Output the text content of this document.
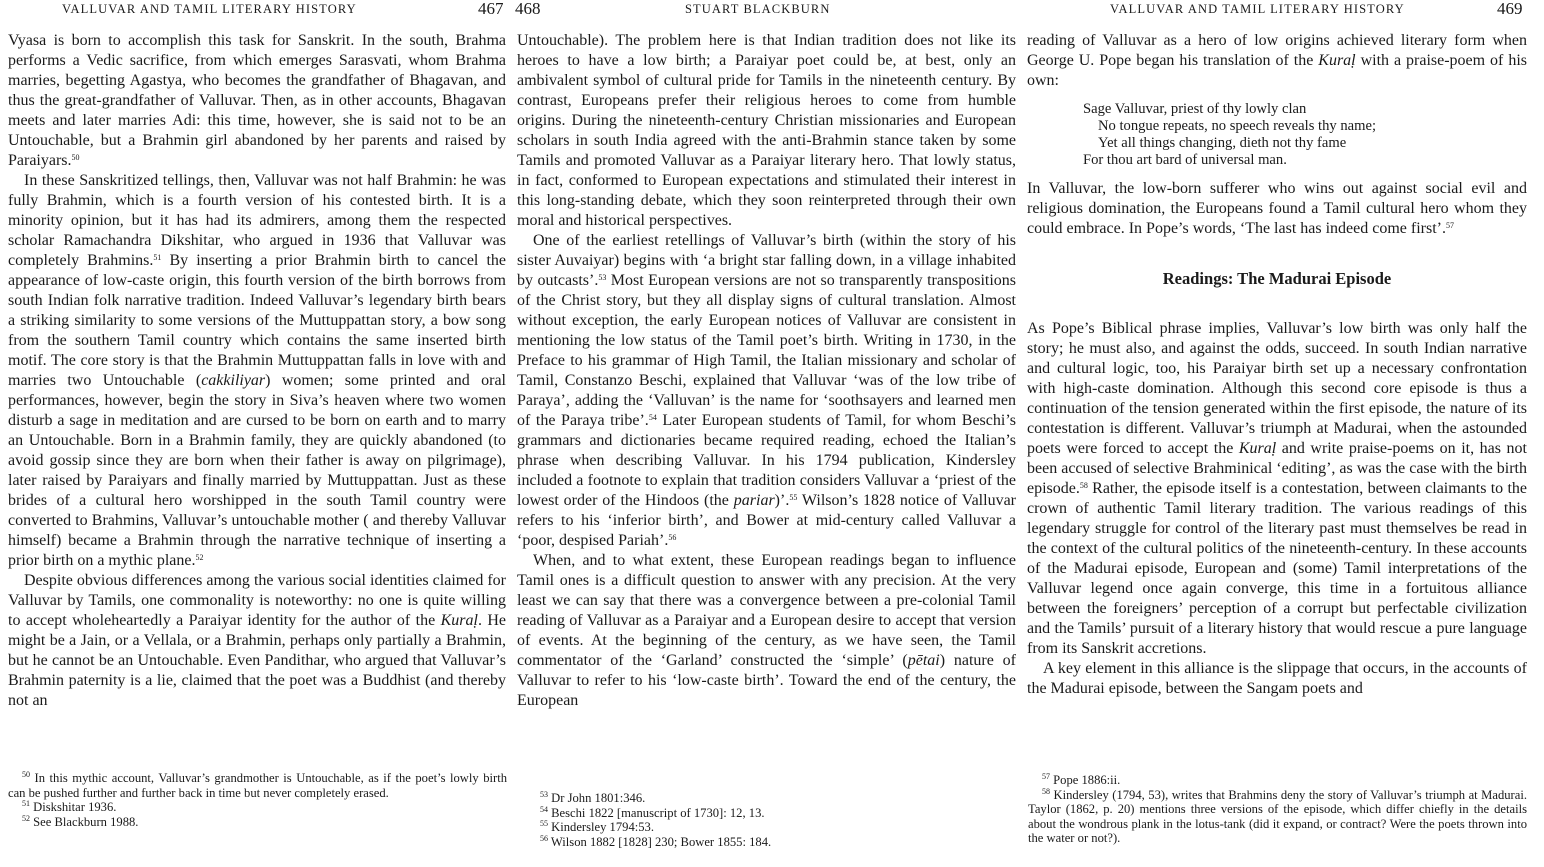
VALLUVAR AND TAMIL LITERARY HISTORY	467

Vyasa is born to accomplish this task for Sanskrit. In the south, Brahma performs a Vedic sacrifice, from which emerges Sarasvati, whom Brahma marries, begetting Agastya, who becomes the grandfather of Bhagavan, and thus the great-grandfather of Valluvar. Then, as in other accounts, Bhagavan meets and later marries Adi: this time, however, she is said not to be an Untouchable, but a Brahmin girl abandoned by her parents and raised by Paraiyars.$^{50}$

In these Sanskritized tellings, then, Valluvar was not half Brahmin: he was fully Brahmin, which is a fourth version of his contested birth. It is a minority opinion, but it has had its admirers, among them the respected scholar Ramachandra Dikshitar, who argued in 1936 that Valluvar was completely Brahmins.$^{51}$ By inserting a prior Brahmin birth to cancel the appearance of low-caste origin, this fourth version of the birth borrows from south Indian folk narrative tradition. Indeed Valluvar’s legendary birth bears a striking similarity to some versions of the Muttuppattan story, a bow song from the southern Tamil country which contains the same inserted birth motif. The core story is that the Brahmin Muttuppattan falls in love with and marries two Untouchable (cakkiliyar) women; some printed and oral performances, however, begin the story in Siva’s heaven where two women disturb a sage in meditation and are cursed to be born on earth and to marry an Untouchable. Born in a Brahmin family, they are quickly abandoned (to avoid gossip since they are born when their father is away on pilgrimage), later raised by Paraiyars and finally married by Muttuppattan. Just as these brides of a cultural hero worshipped in the south Tamil country were converted to Brahmins, Valluvar’s untouchable mother ( and thereby Valluvar himself) became a Brahmin through the narrative technique of inserting a prior birth on a mythic plane.$^{52}$

Despite obvious differences among the various social identities claimed for Valluvar by Tamils, one commonality is noteworthy: no one is quite willing to accept wholeheartedly a Paraiyar identity for the author of the Kuraḷ. He might be a Jain, or a Vellala, or a Brahmin, perhaps only partially a Brahmin, but he cannot be an Untouchable. Even Pandithar, who argued that Valluvar’s Brahmin paternity is a lie, claimed that the poet was a Buddhist (and thereby not an

$^{50}$ In this mythic account, Valluvar’s grandmother is Untouchable, as if the poet’s lowly birth can be pushed further and further back in time but never completely erased.

$^{51}$ Diskshitar 1936.

$^{52}$ See Blackburn 1988.

468	STUART BLACKBURN

Untouchable). The problem here is that Indian tradition does not like its heroes to have a low birth; a Paraiyar poet could be, at best, only an ambivalent symbol of cultural pride for Tamils in the nineteenth century. By contrast, Europeans prefer their religious heroes to come from humble origins. During the nineteenth-century Christian missionaries and European scholars in south India agreed with the anti-Brahmin stance taken by some Tamils and promoted Valluvar as a Paraiyar literary hero. That lowly status, in fact, conformed to European expectations and stimulated their interest in this long-standing debate, which they soon reinterpreted through their own moral and historical perspectives.

One of the earliest retellings of Valluvar’s birth (within the story of his sister Auvaiyar) begins with ‘a bright star falling down, in a village inhabited by outcasts’.$^{53}$ Most European versions are not so transparently transpositions of the Christ story, but they all display signs of cultural translation. Almost without exception, the early European notices of Valluvar are consistent in mentioning the low status of the Tamil poet’s birth. Writing in 1730, in the Preface to his grammar of High Tamil, the Italian missionary and scholar of Tamil, Constanzo Beschi, explained that Valluvar ‘was of the low tribe of Paraya’, adding the ‘Valluvan’ is the name for ‘soothsayers and learned men of the Paraya tribe’.$^{54}$ Later European students of Tamil, for whom Beschi’s grammars and dictionaries became required reading, echoed the Italian’s phrase when describing Valluvar. In his 1794 publication, Kindersley included a footnote to explain that tradition considers Valluvar a ‘priest of the lowest order of the Hindoos (the pariar)’.$^{55}$ Wilson’s 1828 notice of Valluvar refers to his ‘inferior birth’, and Bower at mid-century called Valluvar a ‘poor, despised Pariah’.$^{56}$

When, and to what extent, these European readings began to influence Tamil ones is a difficult question to answer with any precision. At the very least we can say that there was a convergence between a pre-colonial Tamil reading of Valluvar as a Paraiyar and a European desire to accept that version of events. At the beginning of the century, as we have seen, the Tamil commentator of the ‘Garland’ constructed the ‘simple’ (pētai) nature of Valluvar to refer to his ‘low-caste birth’. Toward the end of the century, the European

$^{53}$ Dr John 1801:346.

$^{54}$ Beschi 1822 [manuscript of 1730]: 12, 13.

$^{55}$ Kindersley 1794:53.

$^{56}$ Wilson 1882 [1828] 230; Bower 1855: 184.

VALLUVAR AND TAMIL LITERARY HISTORY	469

reading of Valluvar as a hero of low origins achieved literary form when George U. Pope began his translation of the Kuraḷ with a praise-poem of his own:

Sage Valluvar, priest of thy lowly clan
No tongue repeats, no speech reveals thy name;
Yet all things changing, dieth not thy fame
For thou art bard of universal man.

In Valluvar, the low-born sufferer who wins out against social evil and religious domination, the Europeans found a Tamil cultural hero whom they could embrace. In Pope’s words, ‘The last has indeed come first’.$^{57}$

Readings: The Madurai Episode

As Pope’s Biblical phrase implies, Valluvar’s low birth was only half the story; he must also, and against the odds, succeed. In south Indian narrative and cultural logic, too, his Paraiyar birth set up a necessary confrontation with high-caste domination. Although this second core episode is thus a continuation of the tension generated within the first episode, the nature of its contestation is different. Valluvar’s triumph at Madurai, when the astounded poets were forced to accept the Kuraḷ and write praise-poems on it, has not been accused of selective Brahminical ‘editing’, as was the case with the birth episode.$^{58}$ Rather, the episode itself is a contestation, between claimants to the crown of authentic Tamil literary tradition. The various readings of this legendary struggle for control of the literary past must themselves be read in the context of the cultural politics of the nineteenth-century. In these accounts of the Madurai episode, European and (some) Tamil interpretations of the Valluvar legend once again converge, this time in a fortuitous alliance between the foreigners’ perception of a corrupt but perfectable civilization and the Tamils’ pursuit of a literary history that would rescue a pure language from its Sanskrit accretions.

A key element in this alliance is the slippage that occurs, in the accounts of the Madurai episode, between the Sangam poets and

$^{57}$ Pope 1886:ii.

$^{58}$ Kindersley (1794, 53), writes that Brahmins deny the story of Valluvar’s triumph at Madurai. Taylor (1862, p. 20) mentions three versions of the episode, which differ chiefly in the details about the wondrous plank in the lotus-tank (did it expand, or contract? Were the poets thrown into the water or not?).
